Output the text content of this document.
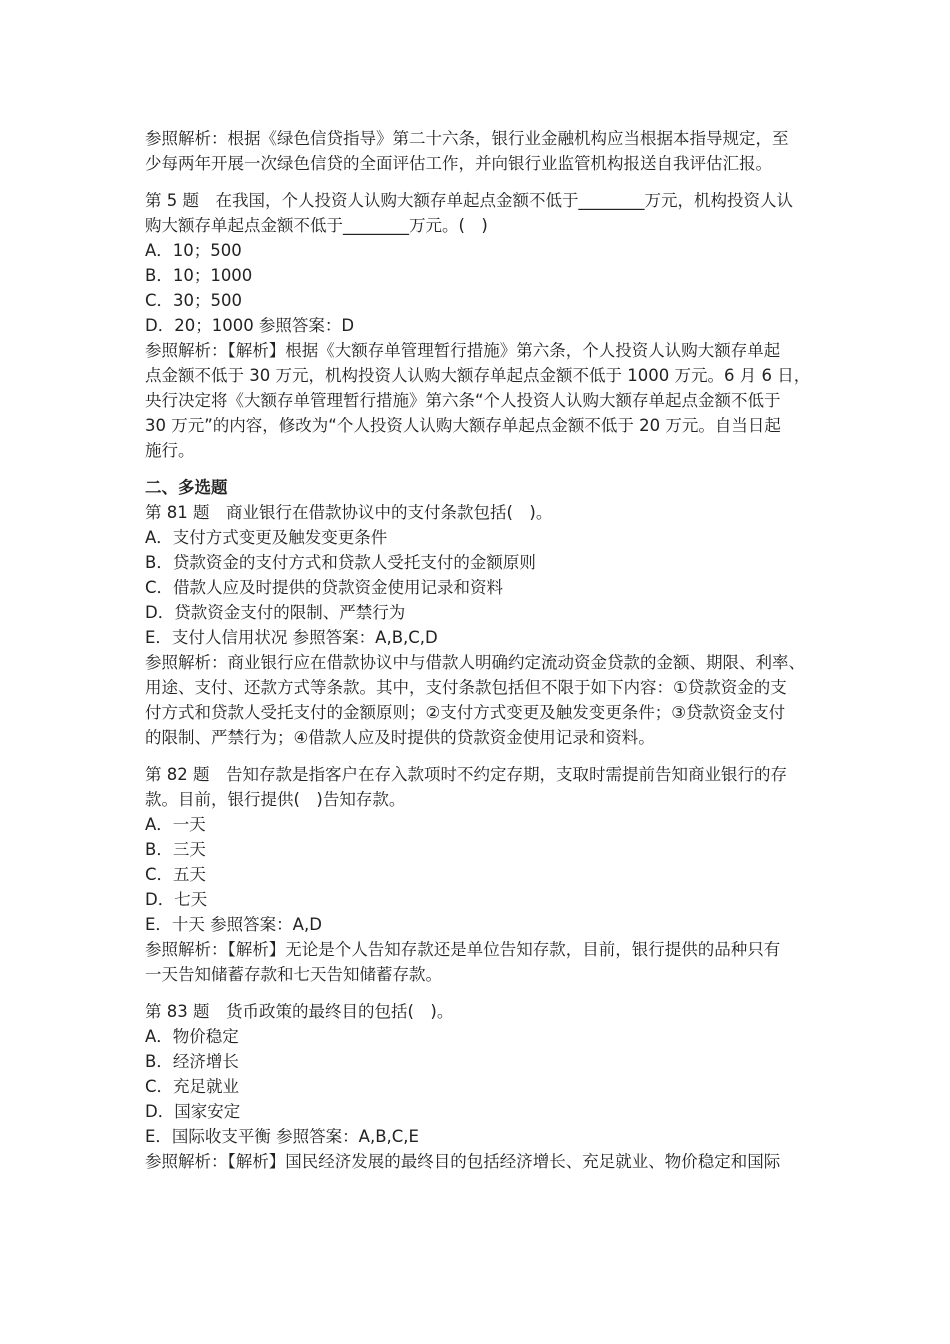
参照解析：根据《绿色信贷指导》第二十六条，银行业金融机构应当根据本指导规定，至
少每两年开展一次绿色信贷的全面评估工作，并向银行业监管机构报送自我评估汇报。
第 5 题　在我国，个人投资人认购大额存单起点金额不低于________万元，机构投资人认
购大额存单起点金额不低于________万元。(　)
A．10；500
B．10；1000
C．30；500
D．20；1000 参照答案：D
参照解析：【解析】根据《大额存单管理暂行措施》第六条，个人投资人认购大额存单起
点金额不低于 30 万元，机构投资人认购大额存单起点金额不低于 1000 万元。6 月 6 日，
央行决定将《大额存单管理暂行措施》第六条“个人投资人认购大额存单起点金额不低于
30 万元”的内容，修改为“个人投资人认购大额存单起点金额不低于 20 万元。自当日起
施行。
二、多选题
第 81 题　商业银行在借款协议中的支付条款包括(　)。
A．支付方式变更及触发变更条件
B．贷款资金的支付方式和贷款人受托支付的金额原则
C．借款人应及时提供的贷款资金使用记录和资料
D．贷款资金支付的限制、严禁行为
E．支付人信用状况 参照答案：A,B,C,D
参照解析：商业银行应在借款协议中与借款人明确约定流动资金贷款的金额、期限、利率、
用途、支付、还款方式等条款。其中，支付条款包括但不限于如下内容：①贷款资金的支
付方式和贷款人受托支付的金额原则；②支付方式变更及触发变更条件；③贷款资金支付
的限制、严禁行为；④借款人应及时提供的贷款资金使用记录和资料。
第 82 题　告知存款是指客户在存入款项时不约定存期，支取时需提前告知商业银行的存
款。目前，银行提供(　)告知存款。
A．一天
B．三天
C．五天
D．七天
E．十天 参照答案：A,D
参照解析：【解析】无论是个人告知存款还是单位告知存款，目前，银行提供的品种只有
一天告知储蓄存款和七天告知储蓄存款。
第 83 题　货币政策的最终目的包括(　)。
A．物价稳定
B．经济增长
C．充足就业
D．国家安定
E．国际收支平衡 参照答案：A,B,C,E
参照解析：【解析】国民经济发展的最终目的包括经济增长、充足就业、物价稳定和国际
